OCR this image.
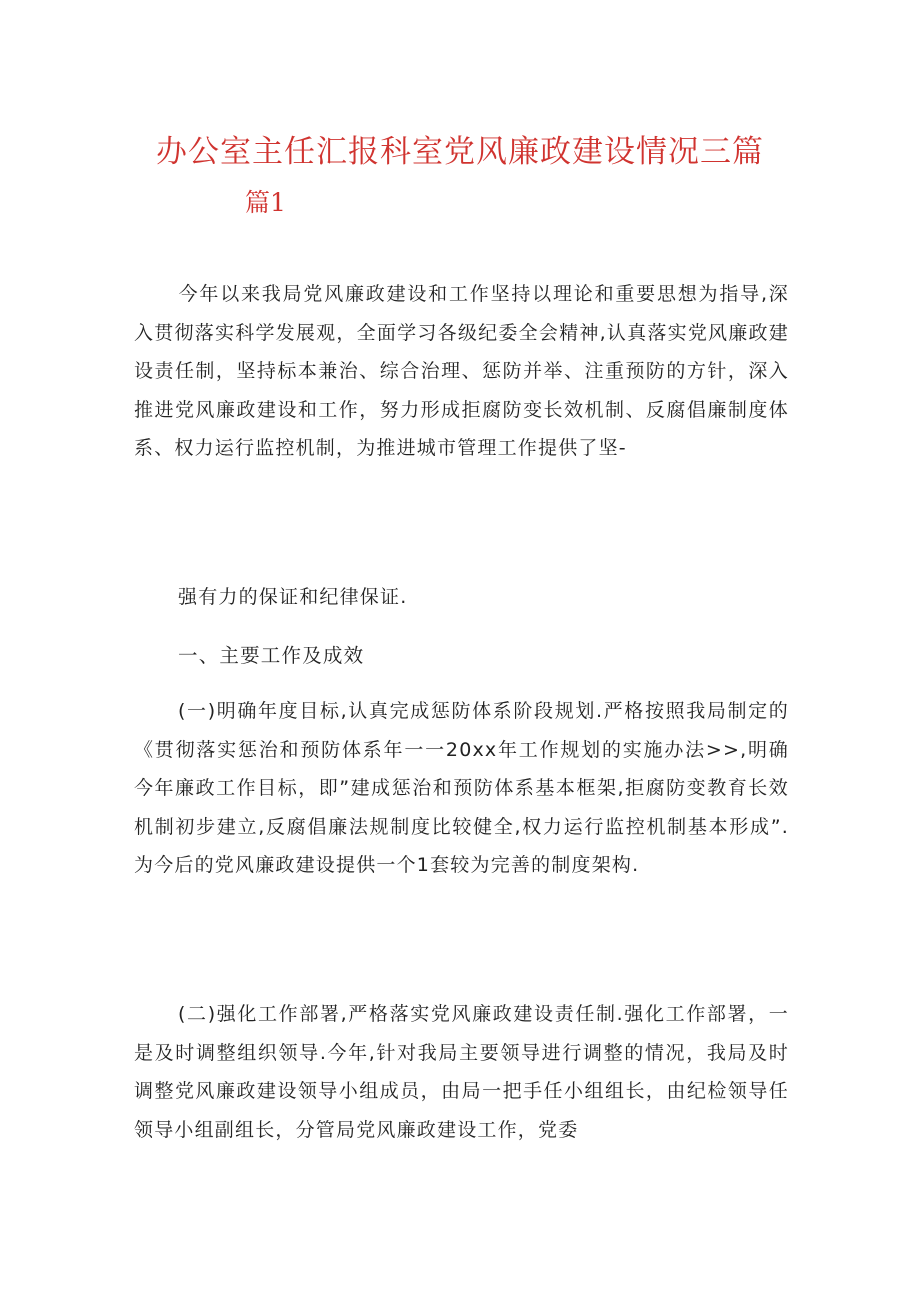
办公室主任汇报科室党风廉政建设情况三篇
篇1
今年以来我局党风廉政建设和工作坚持以理论和重要思想为指导,深入贯彻落实科学发展观，全面学习各级纪委全会精神,认真落实党风廉政建设责任制，坚持标本兼治、综合治理、惩防并举、注重预防的方针，深入推进党风廉政建设和工作，努力形成拒腐防变长效机制、反腐倡廉制度体系、权力运行监控机制，为推进城市管理工作提供了坚-
强有力的保证和纪律保证.
一、主要工作及成效
(一)明确年度目标,认真完成惩防体系阶段规划.严格按照我局制定的《贯彻落实惩治和预防体系年一一20xx年工作规划的实施办法>>,明确今年廉政工作目标，即”建成惩治和预防体系基本框架,拒腐防变教育长效机制初步建立,反腐倡廉法规制度比较健全,权力运行监控机制基本形成”.为今后的党风廉政建设提供一个1套较为完善的制度架构.
(二)强化工作部署,严格落实党风廉政建设责任制.强化工作部署，一是及时调整组织领导.今年,针对我局主要领导进行调整的情况，我局及时调整党风廉政建设领导小组成员，由局一把手任小组组长，由纪检领导任领导小组副组长，分管局党风廉政建设工作，党委
